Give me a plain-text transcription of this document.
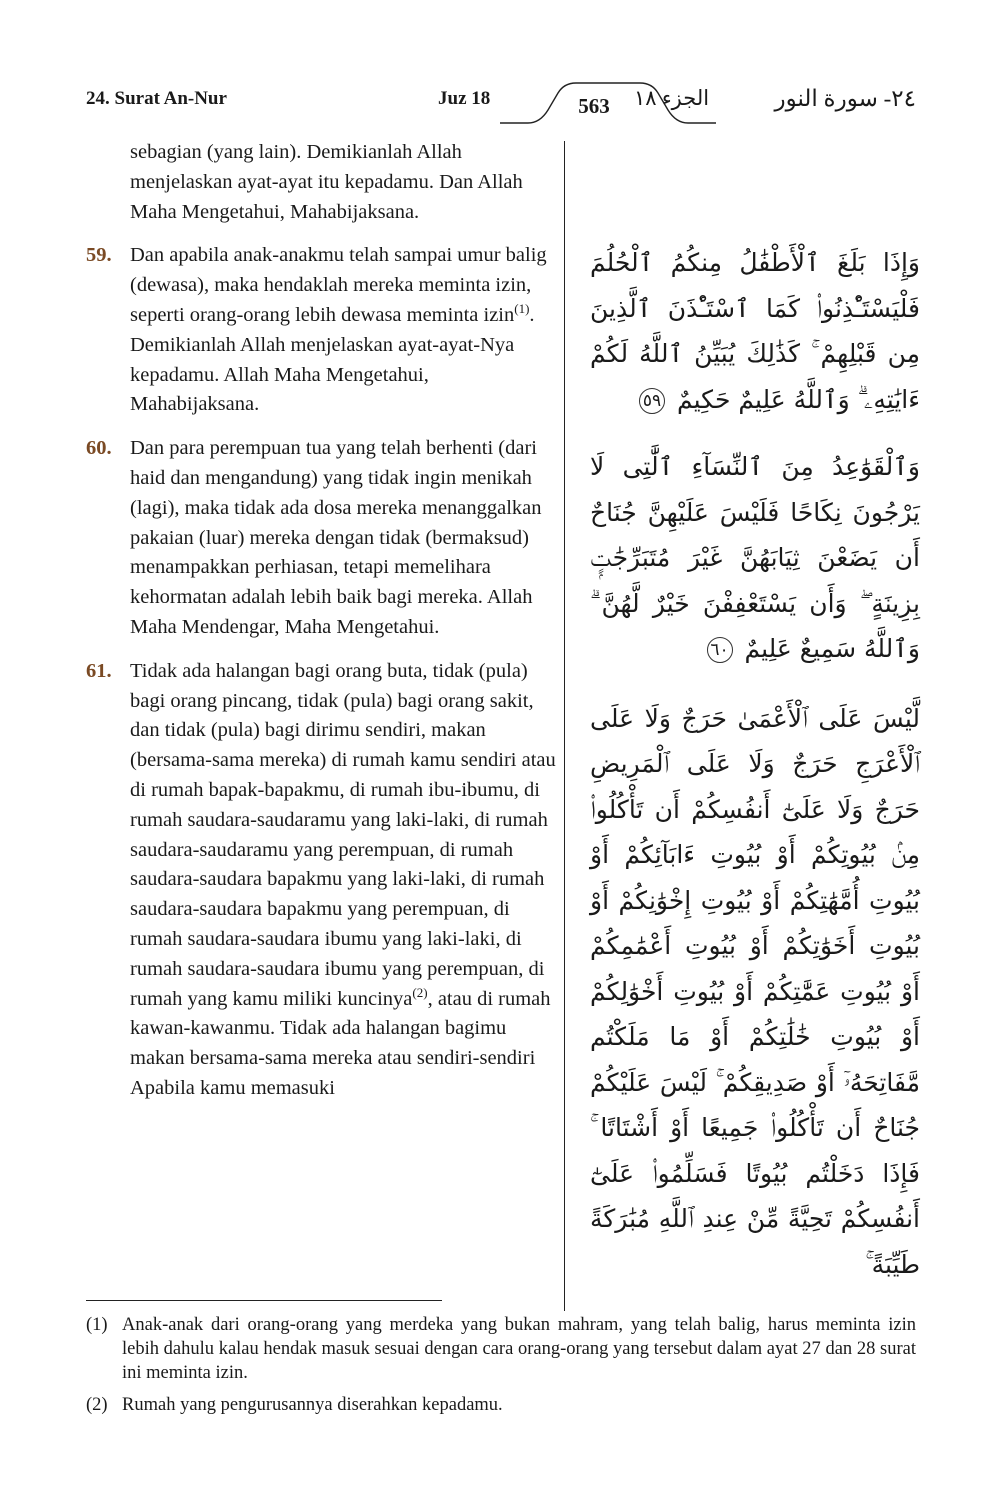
24. Surat An-Nur	Juz 18	563	الجزء ١٨	٢٤- سورة النور
sebagian (yang lain). Demikianlah Allah menjelaskan ayat-ayat itu kepadamu. Dan Allah Maha Mengetahui, Mahabijaksana.
59. Dan apabila anak-anakmu telah sampai umur balig (dewasa), maka hendaklah mereka meminta izin, seperti orang-orang lebih dewasa meminta izin$^{(1)}$. Demikianlah Allah menjelaskan ayat-ayat-Nya kepadamu. Allah Maha Mengetahui, Mahabijaksana.
60. Dan para perempuan tua yang telah berhenti (dari haid dan mengandung) yang tidak ingin menikah (lagi), maka tidak ada dosa mereka menanggalkan pakaian (luar) mereka dengan tidak (bermaksud) menampakkan perhiasan, tetapi memelihara kehormatan adalah lebih baik bagi mereka. Allah Maha Mendengar, Maha Mengetahui.
61. Tidak ada halangan bagi orang buta, tidak (pula) bagi orang pincang, tidak (pula) bagi orang sakit, dan tidak (pula) bagi dirimu sendiri, makan (bersama-sama mereka) di rumah kamu sendiri atau di rumah bapak-bapakmu, di rumah ibu-ibumu, di rumah saudara-saudaramu yang laki-laki, di rumah saudara-saudaramu yang perempuan, di rumah saudara-saudara bapakmu yang laki-laki, di rumah saudara-saudara bapakmu yang perempuan, di rumah saudara-saudara ibumu yang laki-laki, di rumah saudara-saudara ibumu yang perempuan, di rumah yang kamu miliki kuncinya$^{(2)}$, atau di rumah kawan-kawanmu. Tidak ada halangan bagimu makan bersama-sama mereka atau sendiri-sendiri Apabila kamu memasuki
وَإِذَا بَلَغَ ٱلْأَطْفَٰلُ مِنكُمُ ٱلْحُلُمَ فَلْيَسْتَـْٔذِنُوا۟ كَمَا ٱسْتَـْٔذَنَ ٱلَّذِينَ مِن قَبْلِهِمْ ۚ كَذَٰلِكَ يُبَيِّنُ ٱللَّهُ لَكُمْ ءَايَٰتِهِۦ ۗ وَٱللَّهُ عَلِيمٌ حَكِيمٌ ٥٩
وَٱلْقَوَٰعِدُ مِنَ ٱلنِّسَآءِ ٱلَّٰتِى لَا يَرْجُونَ نِكَاحًا فَلَيْسَ عَلَيْهِنَّ جُنَاحٌ أَن يَضَعْنَ ثِيَابَهُنَّ غَيْرَ مُتَبَرِّجَٰتٍۭ بِزِينَةٍ ۖ وَأَن يَسْتَعْفِفْنَ خَيْرٌ لَّهُنَّ ۗ وَٱللَّهُ سَمِيعٌ عَلِيمٌ ٦٠
لَّيْسَ عَلَى ٱلْأَعْمَىٰ حَرَجٌ وَلَا عَلَى ٱلْأَعْرَجِ حَرَجٌ وَلَا عَلَى ٱلْمَرِيضِ حَرَجٌ وَلَا عَلَىٰٓ أَنفُسِكُمْ أَن تَأْكُلُوا۟ مِنۢ بُيُوتِكُمْ أَوْ بُيُوتِ ءَابَآئِكُمْ أَوْ بُيُوتِ أُمَّهَٰتِكُمْ أَوْ بُيُوتِ إِخْوَٰنِكُمْ أَوْ بُيُوتِ أَخَوَٰتِكُمْ أَوْ بُيُوتِ أَعْمَٰمِكُمْ أَوْ بُيُوتِ عَمَّٰتِكُمْ أَوْ بُيُوتِ أَخْوَٰلِكُمْ أَوْ بُيُوتِ خَٰلَٰتِكُمْ أَوْ مَا مَلَكْتُم مَّفَاتِحَهُۥٓ أَوْ صَدِيقِكُمْ ۚ لَيْسَ عَلَيْكُمْ جُنَاحٌ أَن تَأْكُلُوا۟ جَمِيعًا أَوْ أَشْتَاتًا ۚ فَإِذَا دَخَلْتُم بُيُوتًا فَسَلِّمُوا۟ عَلَىٰٓ أَنفُسِكُمْ تَحِيَّةً مِّنْ عِندِ ٱللَّهِ مُبَٰرَكَةً طَيِّبَةً ۚ
(1) Anak-anak dari orang-orang yang merdeka yang bukan mahram, yang telah balig, harus meminta izin lebih dahulu kalau hendak masuk sesuai dengan cara orang-orang yang tersebut dalam ayat 27 dan 28 surat ini meminta izin.
(2) Rumah yang pengurusannya diserahkan kepadamu.
